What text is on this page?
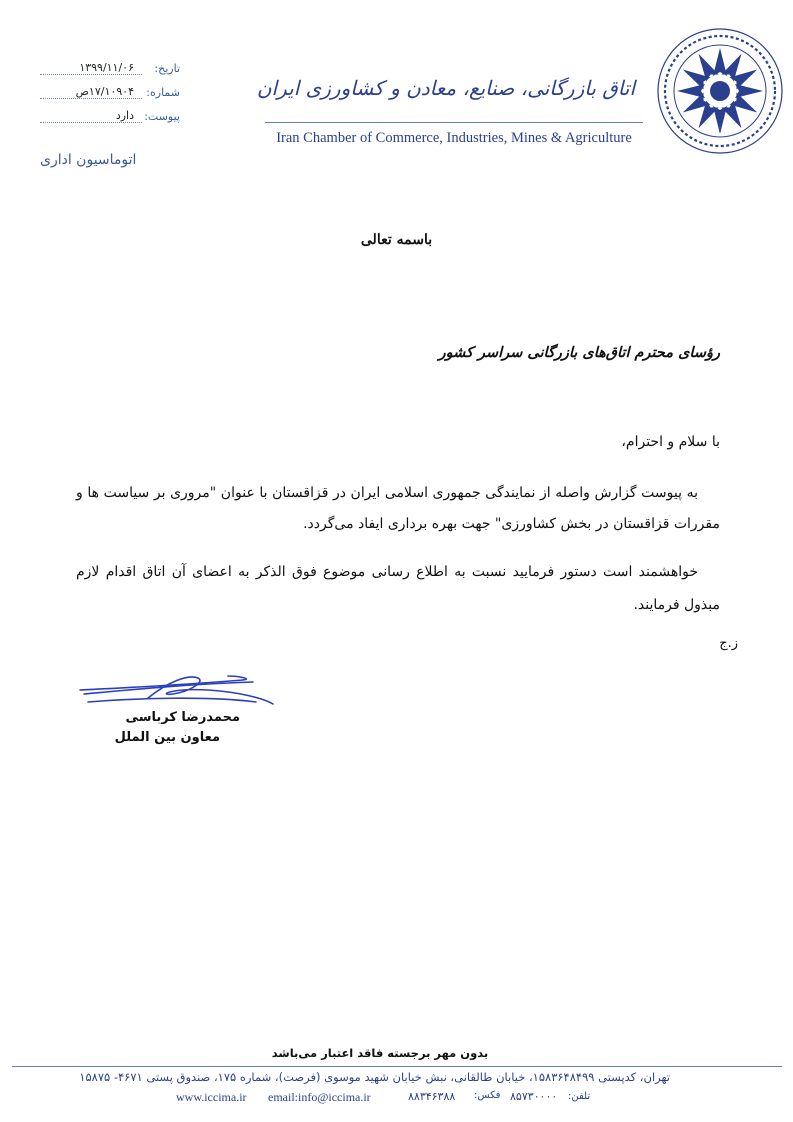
تاریخ:
۱۳۹۹/۱۱/۰۶
شماره:
۱۷/۱۰۹۰۴ص
پیوست:
دارد
اتوماسیون اداری
اتاق بازرگانی، صنایع، معادن و کشاورزی ایران
Iran Chamber of Commerce, Industries, Mines & Agriculture
باسمه تعالی
رؤسای محترم اتاق‌های بازرگانی سراسر کشور
با سلام و احترام،
به پیوست گزارش واصله از نمایندگی جمهوری اسلامی ایران در قزاقستان با عنوان "مروری بر سیاست ها و مقررات قزاقستان در بخش کشاورزی" جهت بهره برداری ایفاد می‌گردد.
خواهشمند است دستور فرمایید نسبت به اطلاع رسانی موضوع فوق الذکر به اعضای آن اتاق اقدام لازم مبذول فرمایند.
ز.ج
محمدرضا کرباسی
معاون بین الملل
بدون مهر برجسته فاقد اعتبار می‌باشد
تهران، کدپستی ۱۵۸۳۶۴۸۴۹۹، خیابان طالقانی، نبش خیابان شهید موسوی (فرصت)، شماره ۱۷۵، صندوق پستی ۴۶۷۱- ۱۵۸۷۵
www.iccima.ir email:info@iccima.ir	۸۸۳۴۶۳۸۸ فکس: ۸۵۷۳۰۰۰۰ تلفن:
